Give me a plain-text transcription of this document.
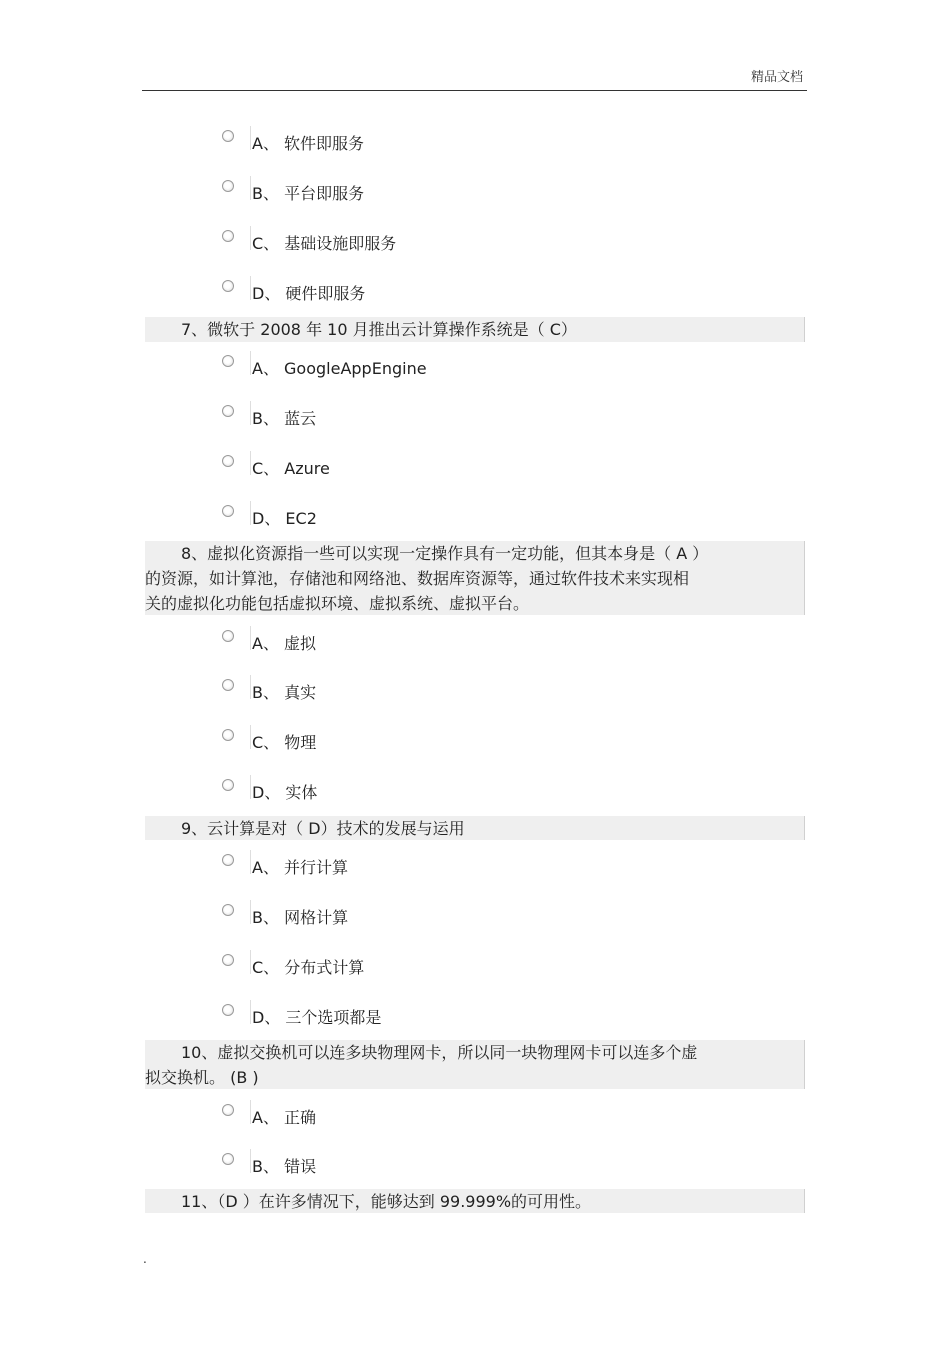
精品文档
A、 软件即服务
B、 平台即服务
C、 基础设施即服务
D、 硬件即服务
7、微软于 2008 年 10 月推出云计算操作系统是（ C）
A、 GoogleAppEngine
B、 蓝云
C、 Azure
D、 EC2
8、虚拟化资源指一些可以实现一定操作具有一定功能，但其本身是（ A ）
的资源，如计算池，存储池和网络池、数据库资源等，通过软件技术来实现相
关的虚拟化功能包括虚拟环境、虚拟系统、虚拟平台。
A、 虚拟
B、 真实
C、 物理
D、 实体
9、云计算是对（ D）技术的发展与运用
A、 并行计算
B、 网格计算
C、 分布式计算
D、 三个选项都是
10、虚拟交换机可以连多块物理网卡，所以同一块物理网卡可以连多个虚
拟交换机。 (B )
A、 正确
B、 错误
11、（D ）在许多情况下，能够达到 99.999%的可用性。
.
